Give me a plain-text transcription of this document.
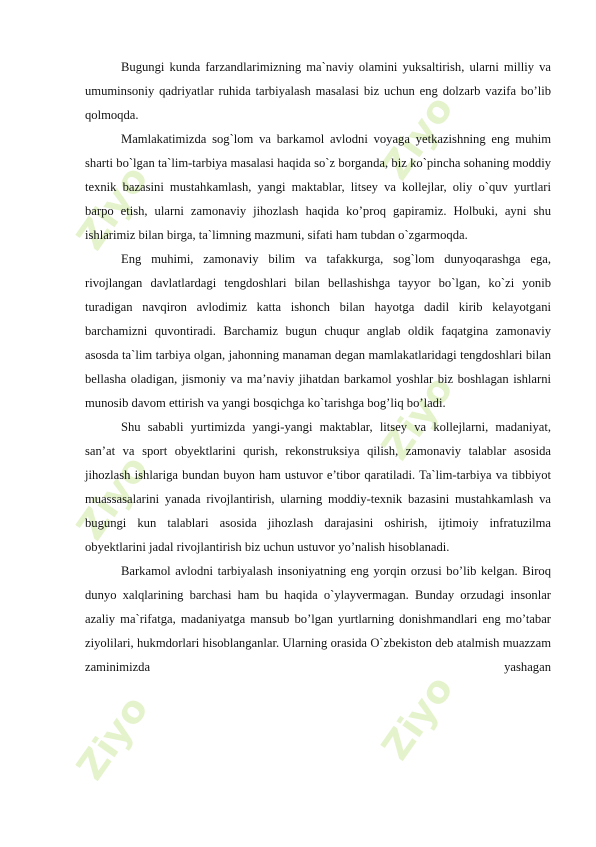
Ziyo
Ziyo
Ziyo
Ziyo
Ziyo	Ziyo

Bugungi kunda farzandlarimizning ma`naviy olamini yuksaltirish, ularni milliy va umuminsoniy qadriyatlar ruhida tarbiyalash masalasi biz uchun eng dolzarb vazifa bo’lib qolmoqda.

Mamlakatimizda sog`lom va barkamol avlodni voyaga yetkazishning eng muhim sharti bo`lgan ta`lim-tarbiya masalasi haqida so`z borganda, biz ko`pincha sohaning moddiy texnik bazasini mustahkamlash, yangi maktablar, litsey va kollejlar, oliy o`quv yurtlari barpo etish, ularni zamonaviy jihozlash haqida ko’proq gapiramiz. Holbuki, ayni shu ishlarimiz bilan birga, ta`limning mazmuni, sifati ham tubdan o`zgarmoqda.

Eng muhimi, zamonaviy bilim va tafakkurga, sog`lom dunyoqarashga ega, rivojlangan davlatlardagi tengdoshlari bilan bellashishga tayyor bo`lgan, ko`zi yonib turadigan navqiron avlodimiz katta ishonch bilan hayotga dadil kirib kelayotgani barchamizni quvontiradi. Barchamiz bugun chuqur anglab oldik faqatgina zamonaviy asosda ta`lim tarbiya olgan, jahonning manaman degan mamlakatlaridagi tengdoshlari bilan bellasha oladigan, jismoniy va ma’naviy jihatdan barkamol yoshlar biz boshlagan ishlarni munosib davom ettirish va yangi bosqichga ko`tarishga bog’liq bo’ladi.

Shu sababli yurtimizda yangi-yangi maktablar, litsey va kollejlarni, madaniyat, san’at va sport obyektlarini qurish, rekonstruksiya qilish, zamonaviy talablar asosida jihozlash ishlariga bundan buyon ham ustuvor e’tibor qaratiladi. Ta`lim-tarbiya va tibbiyot muassasalarini yanada rivojlantirish, ularning moddiy-texnik bazasini mustahkamlash va bugungi kun talablari asosida jihozlash darajasini oshirish, ijtimoiy infratuzilma obyektlarini jadal rivojlantirish biz uchun ustuvor yo’nalish hisoblanadi.

Barkamol avlodni tarbiyalash insoniyatning eng yorqin orzusi bo’lib kelgan. Biroq dunyo xalqlarining barchasi ham bu haqida o`ylayvermagan. Bunday orzudagi insonlar azaliy ma`rifatga, madaniyatga mansub bo’lgan yurtlarning donishmandlari eng mo’tabar ziyolilari, hukmdorlari hisoblanganlar. Ularning orasida O`zbekiston deb atalmish muazzam zaminimizda yashagan
